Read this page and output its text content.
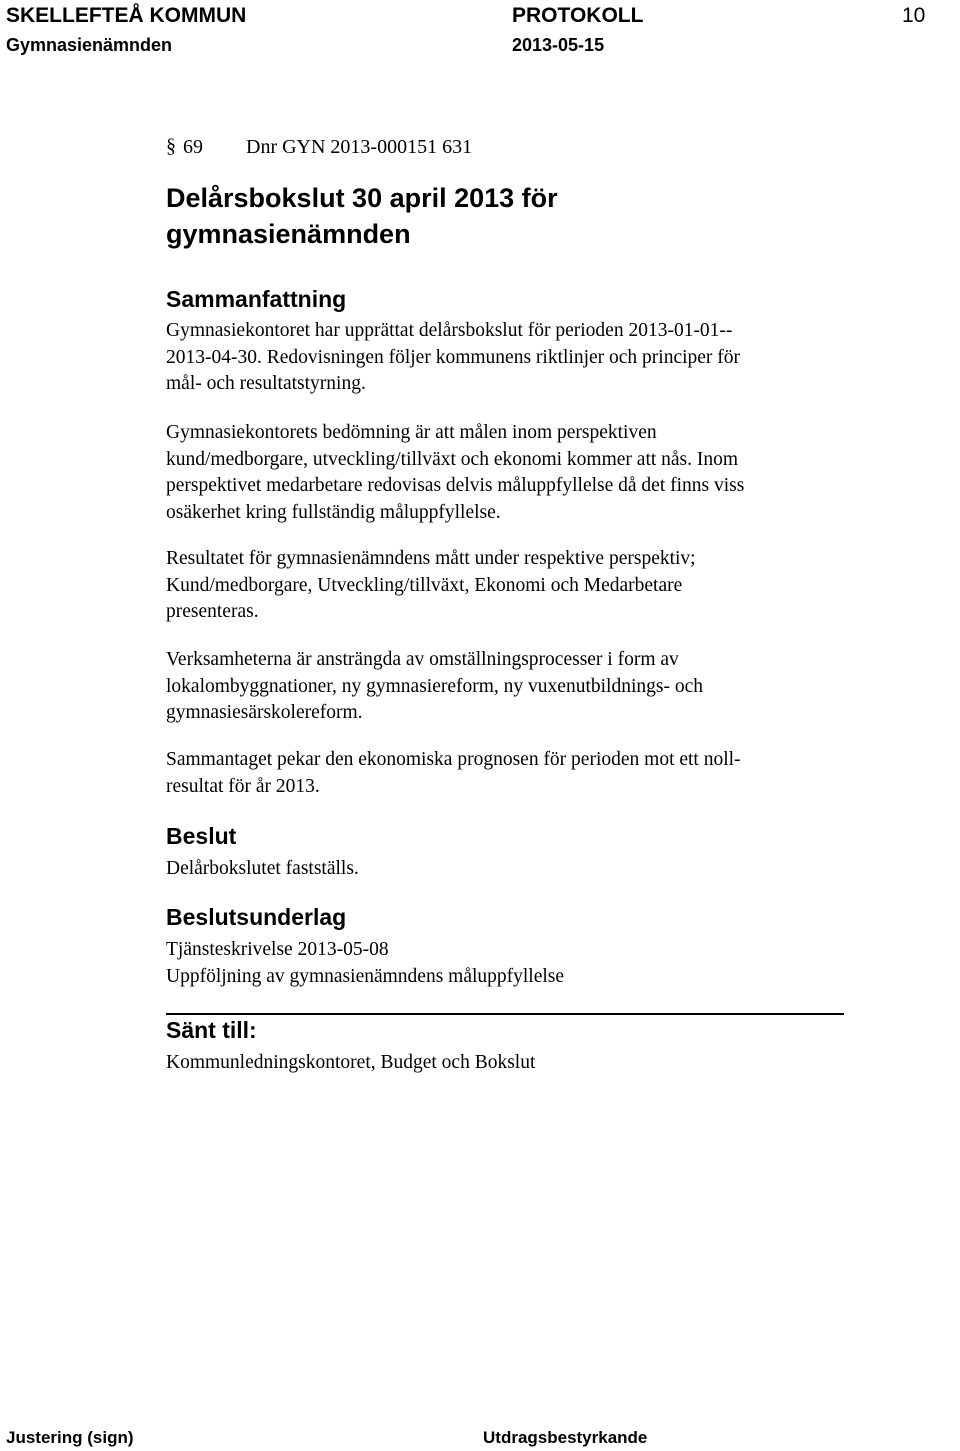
SKELLEFTEÅ KOMMUN	PROTOKOLL	10
Gymnasienämnden	2013-05-15
§ 69 Dnr GYN 2013-000151 631
Delårsbokslut 30 april 2013 för
gymnasienämnden
Sammanfattning
Gymnasiekontoret har upprättat delårsbokslut för perioden 2013-01-01--
2013-04-30. Redovisningen följer kommunens riktlinjer och principer för
mål- och resultatstyrning.
Gymnasiekontorets bedömning är att målen inom perspektiven
kund/medborgare, utveckling/tillväxt och ekonomi kommer att nås. Inom
perspektivet medarbetare redovisas delvis måluppfyllelse då det finns viss
osäkerhet kring fullständig måluppfyllelse.
Resultatet för gymnasienämndens mått under respektive perspektiv;
Kund/medborgare, Utveckling/tillväxt, Ekonomi och Medarbetare
presenteras.
Verksamheterna är ansträngda av omställningsprocesser i form av
lokalombyggnationer, ny gymnasiereform, ny vuxenutbildnings- och
gymnasiesärskolereform.
Sammantaget pekar den ekonomiska prognosen för perioden mot ett noll-
resultat för år 2013.
Beslut
Delårbokslutet fastställs.
Beslutsunderlag
Tjänsteskrivelse 2013-05-08
Uppföljning av gymnasienämndens måluppfyllelse
Sänt till:
Kommunledningskontoret, Budget och Bokslut
Justering (sign)	Utdragsbestyrkande
